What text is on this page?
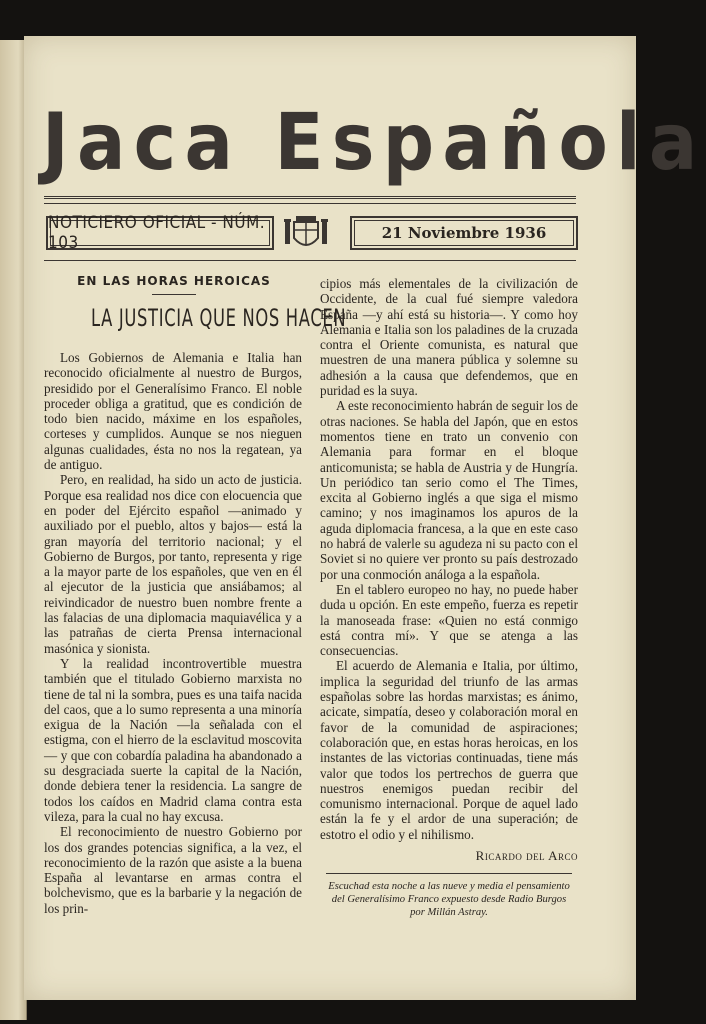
Jaca Española
NOTICIERO OFICIAL - NÚM. 103	21 Noviembre 1936
EN LAS HORAS HEROICAS
LA JUSTICIA QUE NOS HACEN

Los Gobiernos de Alemania e Italia han reconocido oficialmente al nuestro de Burgos, presidido por el Generalísimo Franco. El noble proceder obliga a gratitud, que es condición de todo bien nacido, máxime en los españoles, corteses y cumplidos. Aunque se nos nieguen algunas cualidades, ésta no nos la regatean, ya de antiguo.

Pero, en realidad, ha sido un acto de justicia. Porque esa realidad nos dice con elocuencia que en poder del Ejército español —animado y auxiliado por el pueblo, altos y bajos— está la gran mayoría del territorio nacional; y el Gobierno de Burgos, por tanto, representa y rige a la mayor parte de los españoles, que ven en él al ejecutor de la justicia que ansiábamos; al reivindicador de nuestro buen nombre frente a las falacias de una diplomacia maquiavélica y a las patrañas de cierta Prensa internacional masónica y sionista.

Y la realidad incontrovertible muestra también que el titulado Gobierno marxista no tiene de tal ni la sombra, pues es una taifa nacida del caos, que a lo sumo representa a una minoría exigua de la Nación —la señalada con el estigma, con el hierro de la esclavitud moscovita— y que con cobardía paladina ha abandonado a su desgraciada suerte la capital de la Nación, donde debiera tener la residencia. La sangre de todos los caídos en Madrid clama contra esta vileza, para la cual no hay excusa.

El reconocimiento de nuestro Gobierno por los dos grandes potencias significa, a la vez, el reconocimiento de la razón que asiste a la buena España al levantarse en armas contra el bolchevismo, que es la barbarie y la negación de los prin-

cipios más elementales de la civilización de Occidente, de la cual fué siempre valedora España —y ahí está su historia—. Y como hoy Alemania e Italia son los paladines de la cruzada contra el Oriente comunista, es natural que muestren de una manera pública y solemne su adhesión a la causa que defendemos, que en puridad es la suya.

A este reconocimiento habrán de seguir los de otras naciones. Se habla del Japón, que en estos momentos tiene en trato un convenio con Alemania para formar en el bloque anticomunista; se habla de Austria y de Hungría. Un periódico tan serio como el The Times, excita al Gobierno inglés a que siga el mismo camino; y nos imaginamos los apuros de la aguda diplomacia francesa, a la que en este caso no habrá de valerle su agudeza ni su pacto con el Soviet si no quiere ver pronto su país destrozado por una conmoción análoga a la española.

En el tablero europeo no hay, no puede haber duda u opción. En este empeño, fuerza es repetir la manoseada frase: «Quien no está conmigo está contra mí». Y que se atenga a las consecuencias.

El acuerdo de Alemania e Italia, por último, implica la seguridad del triunfo de las armas españolas sobre las hordas marxistas; es ánimo, acicate, simpatía, deseo y colaboración moral en favor de la comunidad de aspiraciones; colaboración que, en estas horas heroicas, en los instantes de las victorias continuadas, tiene más valor que todos los pertrechos de guerra que nuestros enemigos puedan recibir del comunismo internacional. Porque de aquel lado están la fe y el ardor de una superación; de estotro el odio y el nihilismo.

Ricardo del Arco
Escuchad esta noche a las nueve y media el pensamiento del Generalísimo Franco expuesto desde Radio Burgos por Millán Astray.
